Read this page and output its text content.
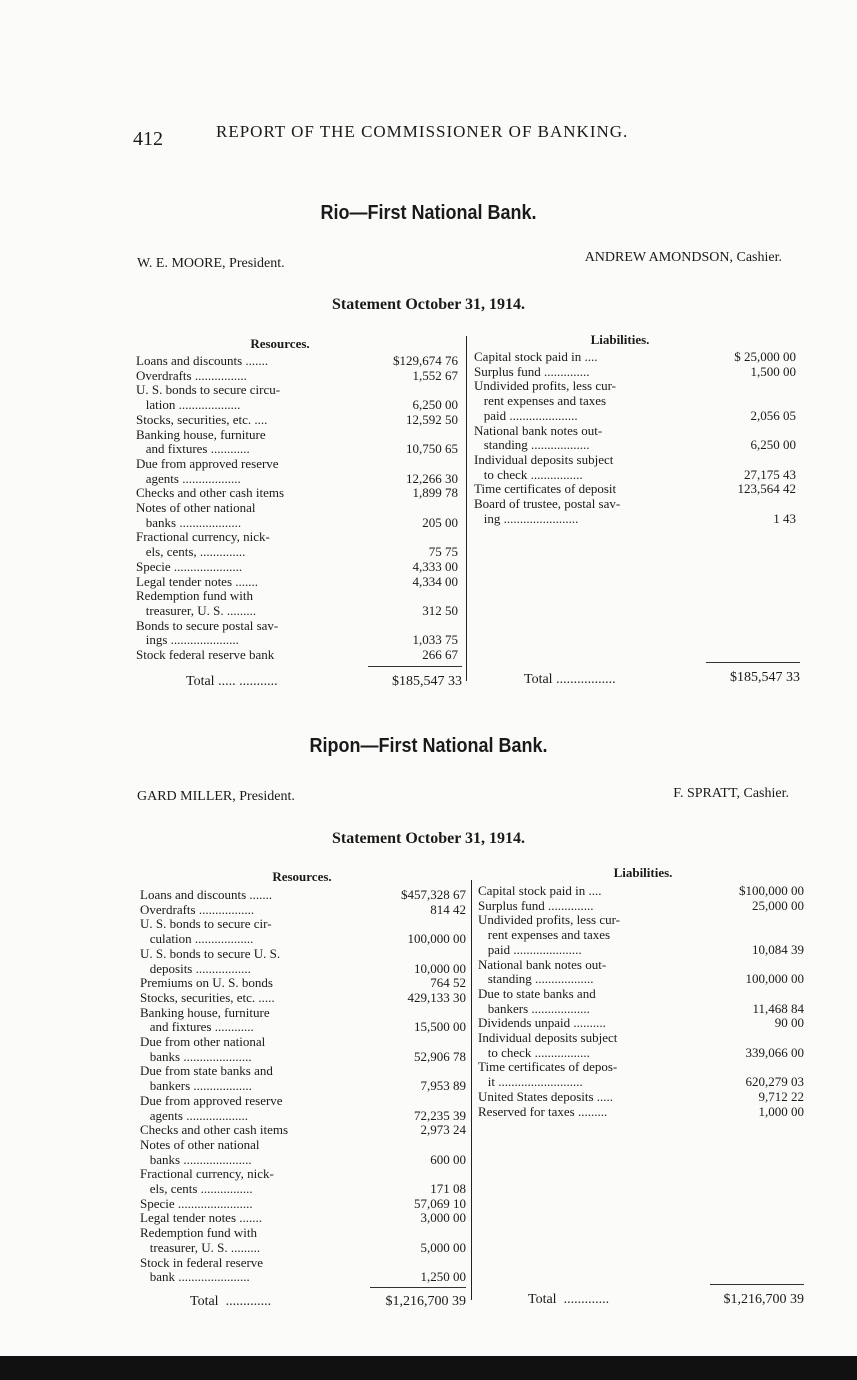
412	REPORT OF THE COMMISSIONER OF BANKING.
Rio—First National Bank.
W. E. MOORE, President.	ANDREW AMONDSON, Cashier.
Statement October 31, 1914.
Resources.	Liabilities.
Loans and discounts .......	$129,674 76
Overdrafts ................	1,552 67
U. S. bonds to secure circu-
lation ...................	6,250 00
Stocks, securities, etc. ....	12,592 50
Banking house, furniture
and fixtures ............	10,750 65
Due from approved reserve
agents ..................	12,266 30
Checks and other cash items	1,899 78
Notes of other national
banks ...................	205 00
Fractional currency, nick-
els, cents, ..............	75 75
Specie .....................	4,333 00
Legal tender notes .......	4,334 00
Redemption fund with
treasurer, U. S. .........	312 50
Bonds to secure postal sav-
ings .....................	1,033 75
Stock federal reserve bank	266 67
Capital stock paid in ....	$ 25,000 00
Surplus fund ..............	1,500 00
Undivided profits, less cur-
rent expenses and taxes
paid .....................	2,056 05
National bank notes out-
standing ..................	6,250 00
Individual deposits subject
to check ................	27,175 43
Time certificates of deposit	123,564 42
Board of trustee, postal sav-
ing .......................	1 43
Total ..... ...........	$185,547 33	Total .................	$185,547 33
Ripon—First National Bank.
GARD MILLER, President.	F. SPRATT, Cashier.
Statement October 31, 1914.
Resources.	Liabilities.
Loans and discounts .......	$457,328 67
Overdrafts .................	814 42
U. S. bonds to secure cir-
culation ..................	100,000 00
U. S. bonds to secure U. S.
deposits .................	10,000 00
Premiums on U. S. bonds	764 52
Stocks, securities, etc. .....	429,133 30
Banking house, furniture
and fixtures ............	15,500 00
Due from other national
banks .....................	52,906 78
Due from state banks and
bankers ..................	7,953 89
Due from approved reserve
agents ...................	72,235 39
Checks and other cash items	2,973 24
Notes of other national
banks .....................	600 00
Fractional currency, nick-
els, cents ................	171 08
Specie .......................	57,069 10
Legal tender notes .......	3,000 00
Redemption fund with
treasurer, U. S. .........	5,000 00
Stock in federal reserve
bank ......................	1,250 00
Capital stock paid in ....	$100,000 00
Surplus fund ..............	25,000 00
Undivided profits, less cur-
rent expenses and taxes
paid .....................	10,084 39
National bank notes out-
standing ..................	100,000 00
Due to state banks and
bankers ..................	11,468 84
Dividends unpaid ..........	90 00
Individual deposits subject
to check .................	339,066 00
Time certificates of depos-
it ..........................	620,279 03
United States deposits .....	9,712 22
Reserved for taxes .........	1,000 00
Total  .............	$1,216,700 39	Total  .............	$1,216,700 39
